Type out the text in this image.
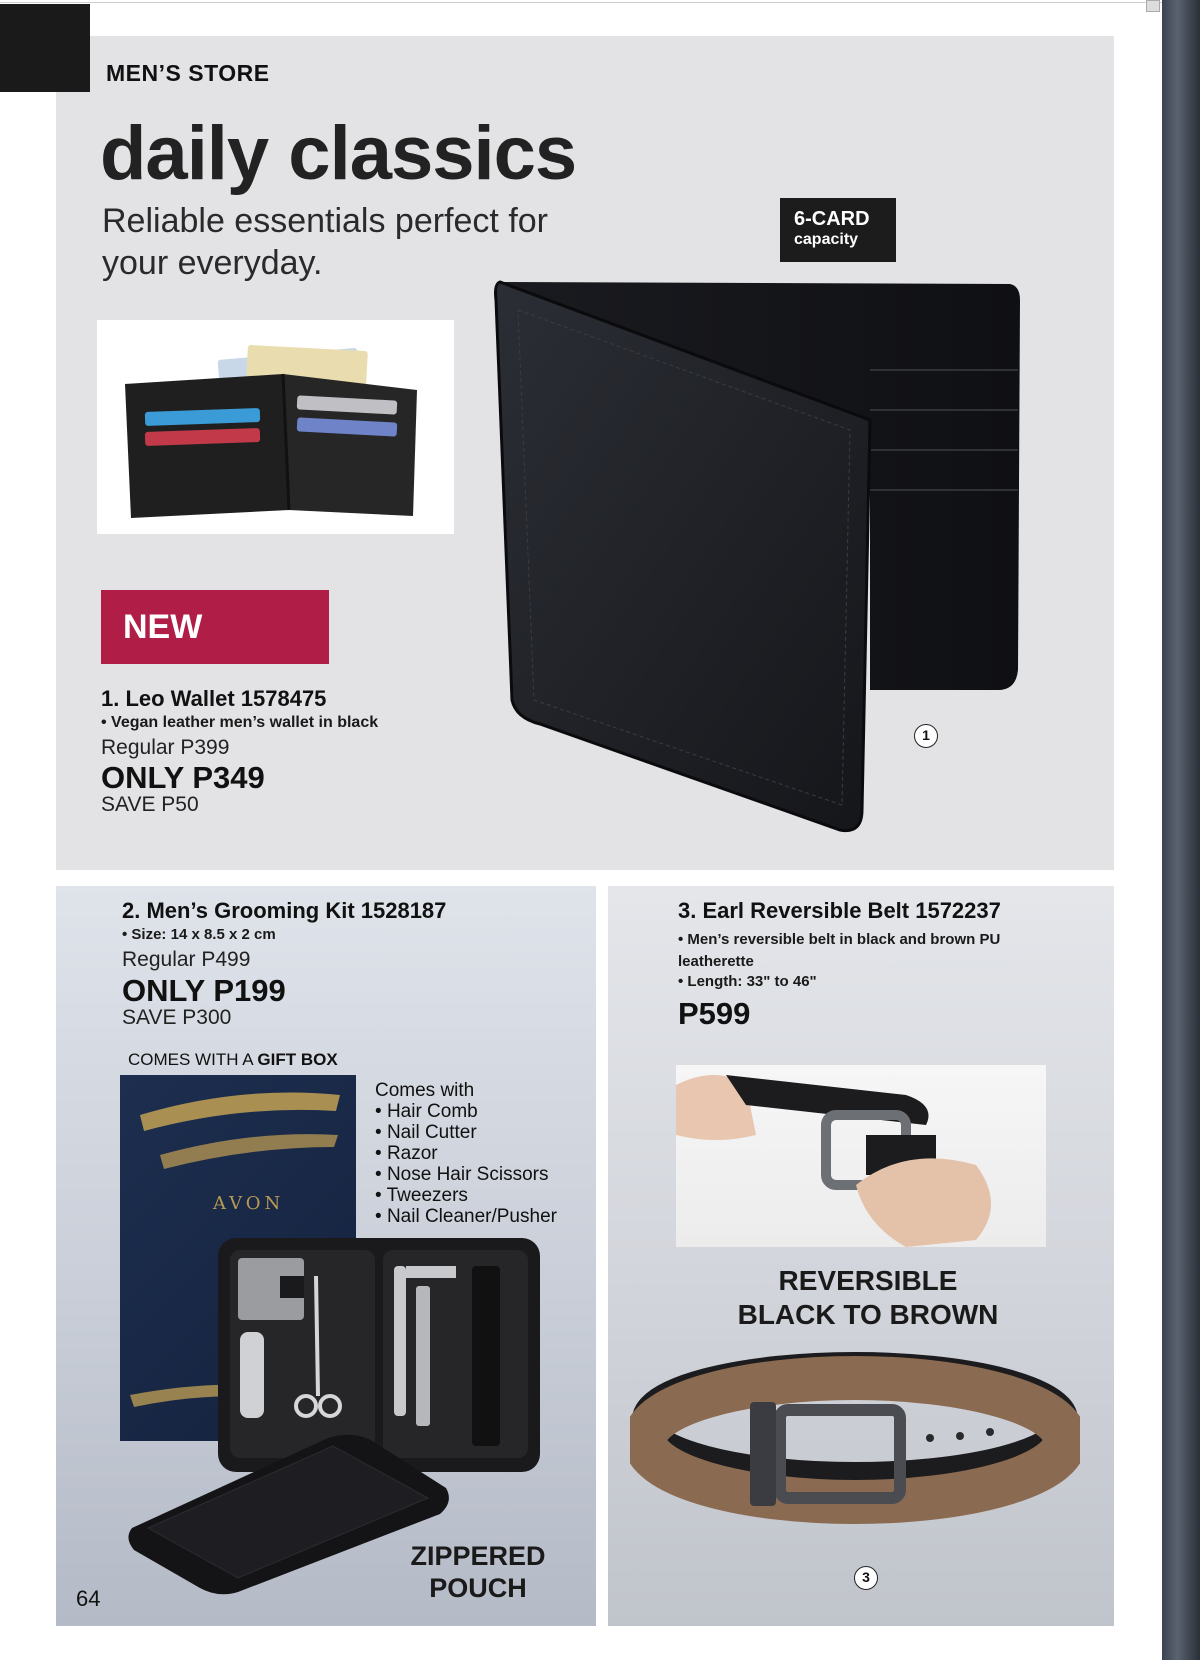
MEN’S STORE
daily classics
Reliable essentials perfect for your everyday.
6-CARD
capacity
1
NEW
1. Leo Wallet 1578475
• Vegan leather men’s wallet in black
Regular P399
ONLY P349
SAVE P50
2. Men’s Grooming Kit 1528187
• Size: 14 x 8.5 x 2 cm
Regular P499
ONLY P199
SAVE P300
COMES WITH A GIFT BOX
AVON
Comes with
• Hair Comb
• Nail Cutter
• Razor
• Nose Hair Scissors
• Tweezers
• Nail Cleaner/Pusher
ZIPPERED
POUCH
64
3. Earl Reversible Belt 1572237
• Men’s reversible belt in black and brown PU leatherette
• Length: 33" to 46"
P599
REVERSIBLE
BLACK TO BROWN
3
